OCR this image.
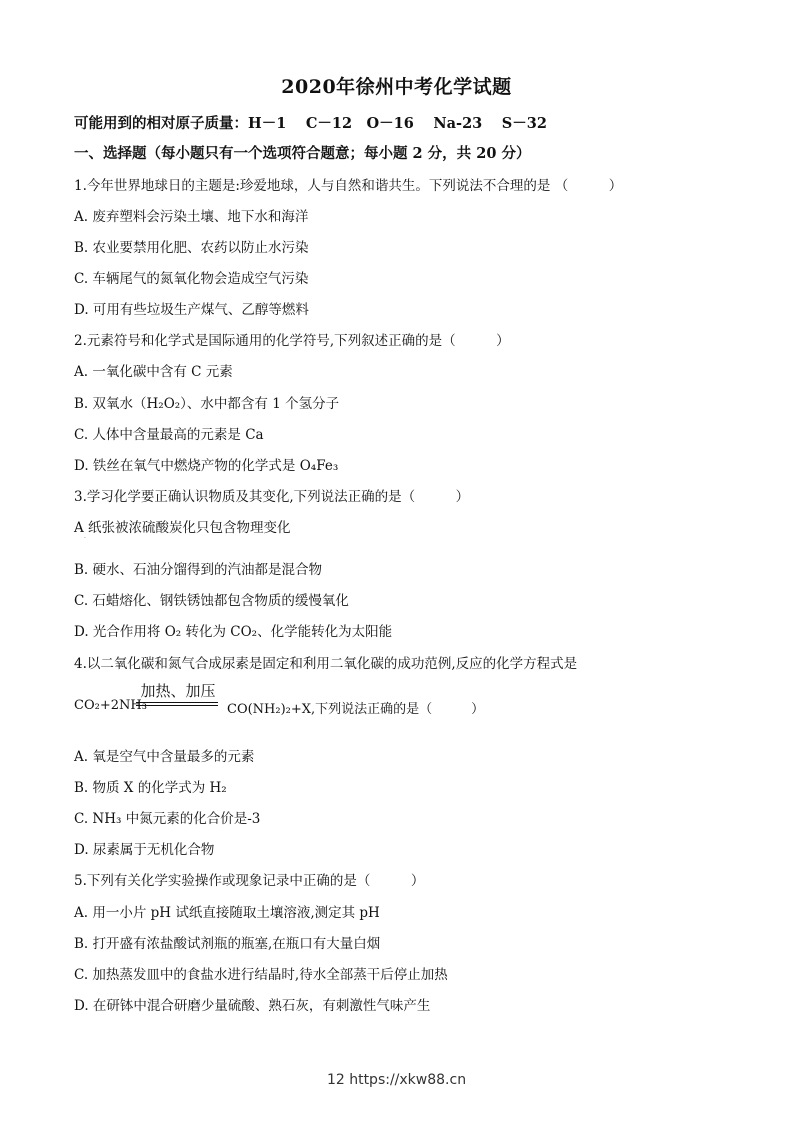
2020年徐州中考化学试题
可能用到的相对原子质量：H－1　 C－12　O－16　 Na-23　 S－32
一、选择题（每小题只有一个选项符合题意；每小题 2 分，共 20 分）
1.今年世界地球日的主题是:珍爱地球，人与自然和谐共生。下列说法不合理的是 （　　　）
A. 废弃塑料会污染土壤、地下水和海洋
B. 农业要禁用化肥、农药以防止水污染
C. 车辆尾气的氮氧化物会造成空气污染
D. 可用有些垃圾生产煤气、乙醇等燃料
2.元素符号和化学式是国际通用的化学符号,下列叙述正确的是（　　　）
A. 一氧化碳中含有 C 元素
B. 双氧水（H₂O₂）、水中都含有 1 个氢分子
C. 人体中含量最高的元素是 Ca
D. 铁丝在氧气中燃烧产物的化学式是 O₄Fe₃
3.学习化学要正确认识物质及其变化,下列说法正确的是（　　　）
A 纸张被浓硫酸炭化只包含物理变化
·
B. 硬水、石油分馏得到的汽油都是混合物
C. 石蜡熔化、钢铁锈蚀都包含物质的缓慢氧化
D. 光合作用将 O₂ 转化为 CO₂、化学能转化为太阳能
4.以二氧化碳和氮气合成尿素是固定和利用二氧化碳的成功范例,反应的化学方程式是
CO₂+2NH₃
加热、加压
CO(NH₂)₂+X,下列说法正确的是（　　　）
A. 氧是空气中含量最多的元素
B. 物质 X 的化学式为 H₂
C. NH₃ 中氮元素的化合价是-3
D. 尿素属于无机化合物
5.下列有关化学实验操作或现象记录中正确的是（　　　）
A. 用一小片 pH 试纸直接随取土壤溶液,测定其 pH
B. 打开盛有浓盐酸试剂瓶的瓶塞,在瓶口有大量白烟
C. 加热蒸发皿中的食盐水进行结晶时,待水全部蒸干后停止加热
D. 在研钵中混合研磨少量硫酸、熟石灰，有刺激性气味产生
12 https://xkw88.cn
